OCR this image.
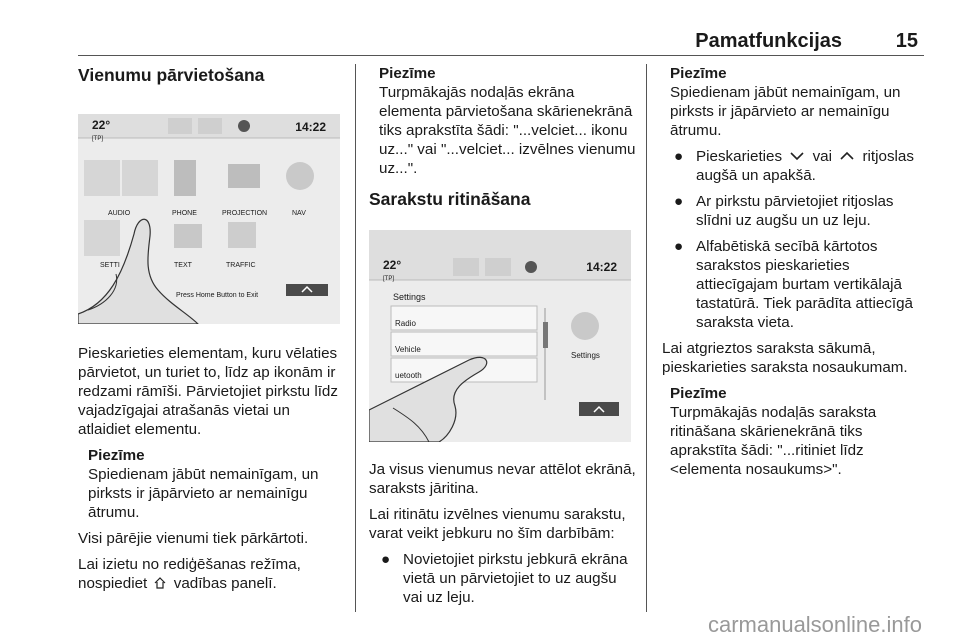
Pamatfunkcijas	15
Vienumu pārvietošana
22°
[TP]
14:22
AUDIO	PHONE	PROJECTION	NAV
SETTI	TEXT	TRAFFIC
Press Home Button to Exit

Pieskarieties elementam, kuru vēlaties pārvietot, un turiet to, līdz ap ikonām ir redzami rāmīši. Pārvietojiet pirkstu līdz vajadzīgajai atrašanās vietai un atlaidiet elementu.

Piezīme
Spiedienam jābūt nemainīgam, un pirksts ir jāpārvieto ar nemainīgu ātrumu.

Visi pārējie vienumi tiek pārkārtoti.

Lai izietu no rediģēšanas režīma, nospiediet vadības panelī.

Piezīme
Turpmākajās nodaļās ekrāna elementa pārvietošana skārienekrānā tiks aprakstīta šādi: "...velciet... ikonu uz..." vai "...velciet... izvēlnes vienumu uz...".
Sarakstu ritināšana
22°
[TP]
14:22
Settings
Radio
Vehicle
uetooth
Settings

Ja visus vienumus nevar attēlot ekrānā, saraksts jāritina.

Lai ritinātu izvēlnes vienumu sarakstu, varat veikt jebkuru no šīm darbībām:

● Novietojiet pirkstu jebkurā ekrāna vietā un pārvietojiet to uz augšu vai uz leju.
Piezīme
Spiedienam jābūt nemainīgam, un pirksts ir jāpārvieto ar nemainīgu ātrumu.
● Pieskarieties vai ritjoslas augšā un apakšā.
● Ar pirkstu pārvietojiet ritjoslas slīdni uz augšu un uz leju.
● Alfabētiskā secībā kārtotos sarakstos pieskarieties attiecīgajam burtam vertikālajā tastatūrā. Tiek parādīta attiecīgā saraksta vieta.

Lai atgrieztos saraksta sākumā, pieskarieties saraksta nosaukumam.

Piezīme
Turpmākajās nodaļās saraksta ritināšana skārienekrānā tiks aprakstīta šādi: "...ritiniet līdz <elementa nosaukums>".
carmanualsonline.info
